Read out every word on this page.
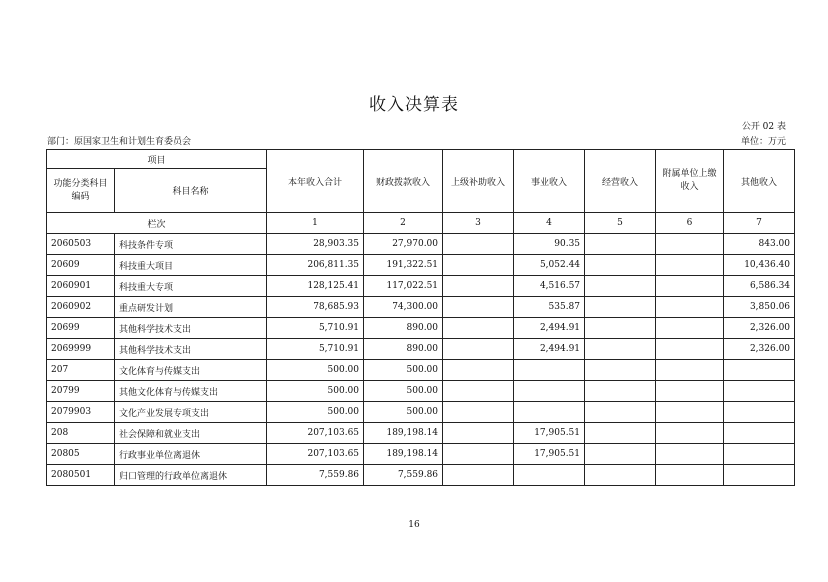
收入决算表
公开 02 表
部门：原国家卫生和计划生育委员会	单位：万元
项目		本年收入合计	财政拨款收入	上级补助收入	事业收入	经营收入	附属单位上缴收入	其他收入
功能分类科目编码	科目名称							
栏次		1	2	3	4	5	6	7
2060503	科技条件专项	28,903.35	27,970.00		90.35			843.00
20609	科技重大项目	206,811.35	191,322.51		5,052.44			10,436.40
2060901	科技重大专项	128,125.41	117,022.51		4,516.57			6,586.34
2060902	重点研发计划	78,685.93	74,300.00		535.87			3,850.06
20699	其他科学技术支出	5,710.91	890.00		2,494.91			2,326.00
2069999	其他科学技术支出	5,710.91	890.00		2,494.91			2,326.00
207	文化体育与传媒支出	500.00	500.00					
20799	其他文化体育与传媒支出	500.00	500.00					
2079903	文化产业发展专项支出	500.00	500.00					
208	社会保障和就业支出	207,103.65	189,198.14		17,905.51			
20805	行政事业单位离退休	207,103.65	189,198.14		17,905.51			
2080501	归口管理的行政单位离退休	7,559.86	7,559.86					
16
